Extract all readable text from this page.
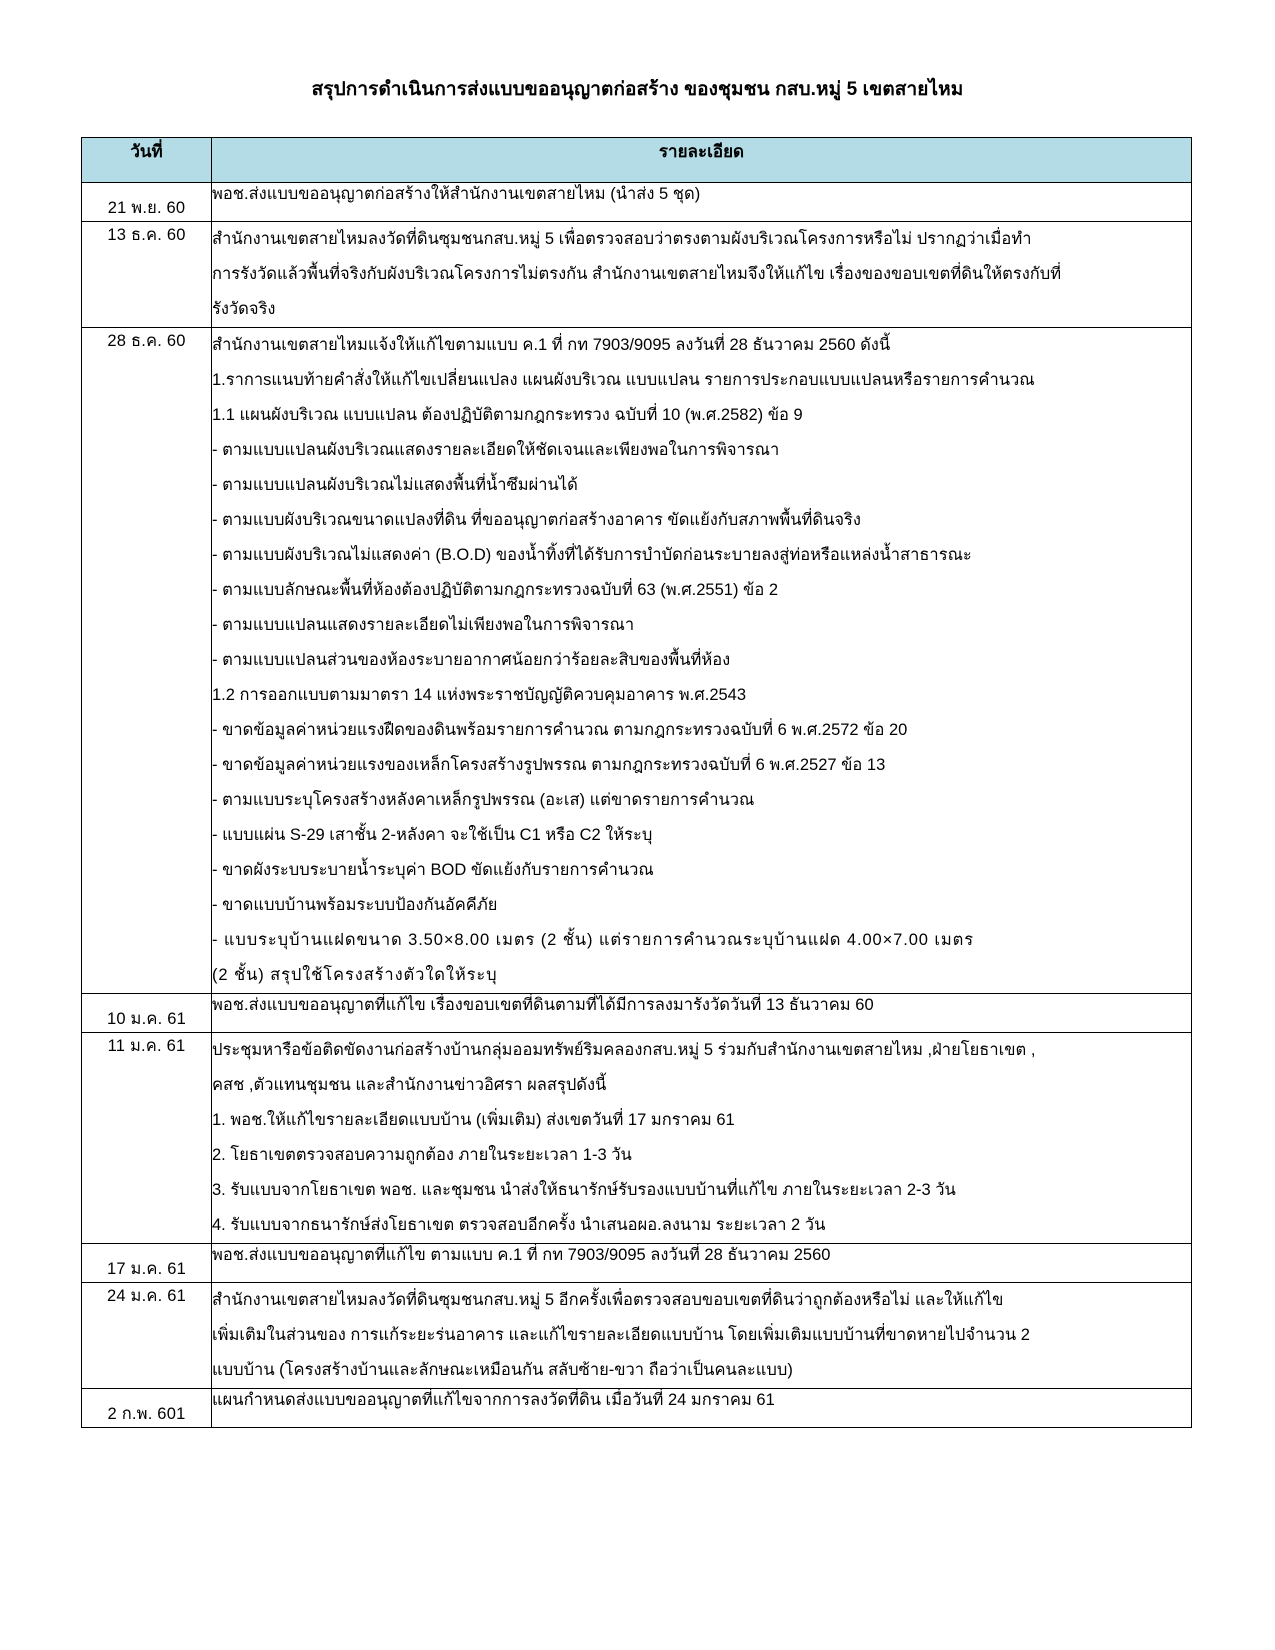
สรุปการดำเนินการส่งแบบขออนุญาตก่อสร้าง ของชุมชน กสบ.หมู่ 5 เขตสายไหม
วันที่	รายละเอียด
21 พ.ย. 60	พอช.ส่งแบบขออนุญาตก่อสร้างให้สำนักงานเขตสายไหม (นำส่ง 5 ชุด)

13 ธ.ค. 60	สำนักงานเขตสายไหมลงวัดที่ดินซุมชนกสบ.หมู่ 5 เพื่อตรวจสอบว่าตรงตามผังบริเวณโครงการหรือไม่ ปรากฏว่าเมื่อทำ
การรังวัดแล้วพื้นที่จริงกับผังบริเวณโครงการไม่ตรงกัน สำนักงานเขตสายไหมจึงให้แก้ไข เรื่องของขอบเขตที่ดินให้ตรงกับที่
รังวัดจริง

28 ธ.ค. 60	สำนักงานเขตสายไหมแจ้งให้แก้ไขตามแบบ ค.1 ที่ กท 7903/9095 ลงวันที่ 28 ธันวาคม 2560 ดังนี้
1.รากาsแนบท้ายคำสั่งให้แก้ไขเปลี่ยนแปลง แผนผังบริเวณ แบบแปลน รายการประกอบแบบแปลนหรือรายการคำนวณ
1.1 แผนผังบริเวณ แบบแปลน ต้องปฏิบัติตามกฎกระทรวง ฉบับที่ 10 (พ.ศ.2582) ข้อ 9
- ตามแบบแปลนผังบริเวณแสดงรายละเอียดให้ชัดเจนและเพียงพอในการพิจารณา
- ตามแบบแปลนผังบริเวณไม่แสดงพื้นที่น้ำซึมผ่านได้
- ตามแบบผังบริเวณขนาดแปลงที่ดิน ที่ขออนุญาตก่อสร้างอาคาร ขัดแย้งกับสภาพพื้นที่ดินจริง
- ตามแบบผังบริเวณไม่แสดงค่า (B.O.D) ของน้ำทิ้งที่ได้รับการบำบัดก่อนระบายลงสู่ท่อหรือแหล่งน้ำสาธารณะ
- ตามแบบลักษณะพื้นที่ห้องต้องปฏิบัติตามกฎกระทรวงฉบับที่ 63 (พ.ศ.2551) ข้อ 2
- ตามแบบแปลนแสดงรายละเอียดไม่เพียงพอในการพิจารณา
- ตามแบบแปลนส่วนของห้องระบายอากาศน้อยกว่าร้อยละสิบของพื้นที่ห้อง
1.2 การออกแบบตามมาตรา 14 แห่งพระราชบัญญัติควบคุมอาคาร พ.ศ.2543
- ขาดข้อมูลค่าหน่วยแรงฝืดของดินพร้อมรายการคำนวณ ตามกฎกระทรวงฉบับที่ 6 พ.ศ.2572 ข้อ 20
- ขาดข้อมูลค่าหน่วยแรงของเหล็กโครงสร้างรูปพรรณ ตามกฎกระทรวงฉบับที่ 6 พ.ศ.2527 ข้อ 13
- ตามแบบระบุโครงสร้างหลังคาเหล็กรูปพรรณ (อะเส) แต่ขาดรายการคำนวณ
- แบบแผ่น S-29 เสาชั้น 2-หลังคา จะใช้เป็น C1 หรือ C2 ให้ระบุ
- ขาดผังระบบระบายน้ำระบุค่า BOD ขัดแย้งกับรายการคำนวณ
- ขาดแบบบ้านพร้อมระบบป้องกันอัคคีภัย
- แบบระบุบ้านแฝดขนาด 3.50×8.00 เมตร (2 ชั้น) แต่รายการคำนวณระบุบ้านแฝด 4.00×7.00 เมตร
(2 ชั้น) สรุปใช้โครงสร้างตัวใดให้ระบุ

10 ม.ค. 61	พอช.ส่งแบบขออนุญาตที่แก้ไข เรื่องขอบเขตที่ดินตามที่ได้มีการลงมารังวัดวันที่ 13 ธันวาคม 60

11 ม.ค. 61	ประชุมหารือข้อติดขัดงานก่อสร้างบ้านกลุ่มออมทรัพย์ริมคลองกสบ.หมู่ 5 ร่วมกับสำนักงานเขตสายไหม ,ฝ่ายโยธาเขต ,
คสช ,ตัวแทนชุมชน และสำนักงานข่าวอิศรา ผลสรุปดังนี้
1. พอช.ให้แก้ไขรายละเอียดแบบบ้าน (เพิ่มเติม) ส่งเขตวันที่ 17 มกราคม 61
2. โยธาเขตตรวจสอบความถูกต้อง ภายในระยะเวลา 1-3 วัน
3. รับแบบจากโยธาเขต พอช. และชุมชน นำส่งให้ธนารักษ์รับรองแบบบ้านที่แก้ไข ภายในระยะเวลา 2-3 วัน
4. รับแบบจากธนารักษ์ส่งโยธาเขต ตรวจสอบอีกครั้ง นำเสนอผอ.ลงนาม ระยะเวลา 2 วัน

17 ม.ค. 61	พอช.ส่งแบบขออนุญาตที่แก้ไข ตามแบบ ค.1 ที่ กท 7903/9095 ลงวันที่ 28 ธันวาคม 2560

24 ม.ค. 61	สำนักงานเขตสายไหมลงวัดที่ดินซุมชนกสบ.หมู่ 5 อีกครั้งเพื่อตรวจสอบขอบเขตที่ดินว่าถูกต้องหรือไม่ และให้แก้ไข
เพิ่มเติมในส่วนของ การแก้ระยะร่นอาคาร และแก้ไขรายละเอียดแบบบ้าน โดยเพิ่มเติมแบบบ้านที่ขาดหายไปจำนวน 2
แบบบ้าน (โครงสร้างบ้านและลักษณะเหมือนกัน สลับซ้าย-ขวา ถือว่าเป็นคนละแบบ)

2 ก.พ. 601	แผนกำหนดส่งแบบขออนุญาตที่แก้ไขจากการลงวัดที่ดิน เมื่อวันที่ 24 มกราคม 61
